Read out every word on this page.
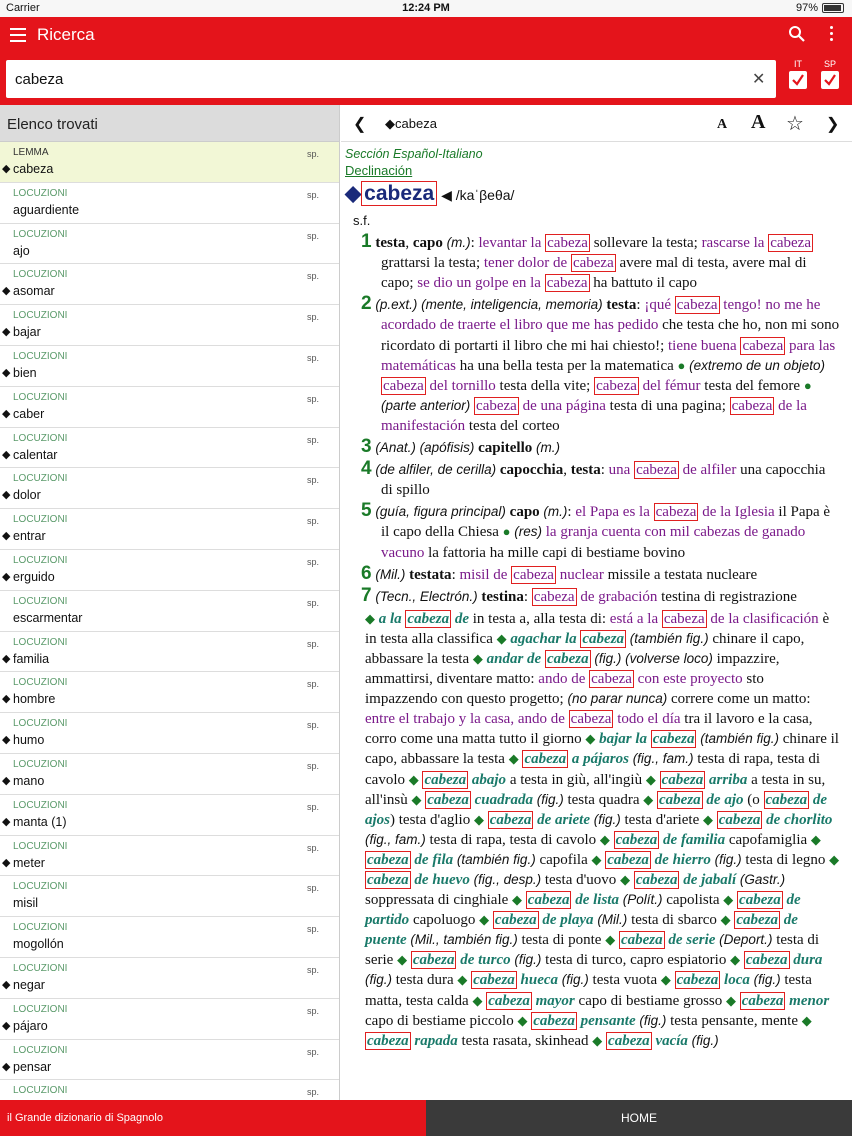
Carrier	12:24 PM	97%
Ricerca
cabeza
✕
IT	SP
Elenco trovati
LEMMA
◆ cabeza
sp.
LOCUZIONI
aguardiente
sp.
LOCUZIONI
ajo
sp.
LOCUZIONI
◆ asomar
sp.
LOCUZIONI
◆ bajar
sp.
LOCUZIONI
◆ bien
sp.
LOCUZIONI
◆ caber
sp.
LOCUZIONI
◆ calentar
sp.
LOCUZIONI
◆ dolor
sp.
LOCUZIONI
◆ entrar
sp.
LOCUZIONI
◆ erguido
sp.
LOCUZIONI
escarmentar
sp.
LOCUZIONI
◆ familia
sp.
LOCUZIONI
◆ hombre
sp.
LOCUZIONI
◆ humo
sp.
LOCUZIONI
◆ mano
sp.
LOCUZIONI
◆ manta (1)
sp.
LOCUZIONI
◆ meter
sp.
LOCUZIONI
misil
sp.
LOCUZIONI
mogollón
sp.
LOCUZIONI
◆ negar
sp.
LOCUZIONI
◆ pájaro
sp.
LOCUZIONI
◆ pensar
sp.
LOCUZIONI	sp.
❮ ◆cabeza	A A ☆ ❯
Sección Español-Italiano
Declinación
◆ cabeza ◀ /kaˈβeθa/
s.f.
1 testa, capo (m.): levantar la cabeza sollevare la testa; rascarse la cabeza grattarsi la testa; tener dolor de cabeza avere mal di testa, avere mal di capo; se dio un golpe en la cabeza ha battuto il capo
2 (p.ext.) (mente, inteligencia, memoria) testa: ¡qué cabeza tengo! no me he acordado de traerte el libro que me has pedido che testa che ho, non mi sono ricordato di portarti il libro che mi hai chiesto!; tiene buena cabeza para las matemáticas ha una bella testa per la matematica ● (extremo de un objeto) cabeza del tornillo testa della vite; cabeza del fémur testa del femore ● (parte anterior) cabeza de una página testa di una pagina; cabeza de la manifestación testa del corteo
3 (Anat.) (apófisis) capitello (m.)
4 (de alfiler, de cerilla) capocchia, testa: una cabeza de alfiler una capocchia di spillo
5 (guía, figura principal) capo (m.): el Papa es la cabeza de la Iglesia il Papa è il capo della Chiesa ● (res) la granja cuenta con mil cabezas de ganado vacuno la fattoria ha mille capi di bestiame bovino
6 (Mil.) testata: misil de cabeza nuclear missile a testata nucleare
7 (Tecn., Electrón.) testina: cabeza de grabación testina di registrazione
◆ a la cabeza de in testa a, alla testa di: está a la cabeza de la clasificación è in testa alla classifica ◆ agachar la cabeza (también fig.) chinare il capo, abbassare la testa ◆ andar de cabeza (fig.) (volverse loco) impazzire, ammattirsi, diventare matto: ando de cabeza con este proyecto sto impazzendo con questo progetto; (no parar nunca) correre come un matto: entre el trabajo y la casa, ando de cabeza todo el día tra il lavoro e la casa, corro come una matta tutto il giorno ◆ bajar la cabeza (también fig.) chinare il capo, abbassare la testa ◆ cabeza a pájaros (fig., fam.) testa di rapa, testa di cavolo ◆ cabeza abajo a testa in giù, all'ingiù ◆ cabeza arriba a testa in su, all'insù ◆ cabeza cuadrada (fig.) testa quadra ◆ cabeza de ajo (o cabeza de ajos) testa d'aglio ◆ cabeza de ariete (fig.) testa d'ariete ◆ cabeza de chorlito (fig., fam.) testa di rapa, testa di cavolo ◆ cabeza de familia capofamiglia ◆ cabeza de fila (también fig.) capofila ◆ cabeza de hierro (fig.) testa di legno ◆ cabeza de huevo (fig., desp.) testa d'uovo ◆ cabeza de jabalí (Gastr.) soppressata di cinghiale ◆ cabeza de lista (Polít.) capolista ◆ cabeza de partido capoluogo ◆ cabeza de playa (Mil.) testa di sbarco ◆ cabeza de puente (Mil., también fig.) testa di ponte ◆ cabeza de serie (Deport.) testa di serie ◆ cabeza de turco (fig.) testa di turco, capro espiatorio ◆ cabeza dura (fig.) testa dura ◆ cabeza hueca (fig.) testa vuota ◆ cabeza loca (fig.) testa matta, testa calda ◆ cabeza mayor capo di bestiame grosso ◆ cabeza menor capo di bestiame piccolo ◆ cabeza pensante (fig.) testa pensante, mente ◆ cabeza rapada testa rasata, skinhead ◆ cabeza vacía (fig.)
il Grande dizionario di Spagnolo	HOME
